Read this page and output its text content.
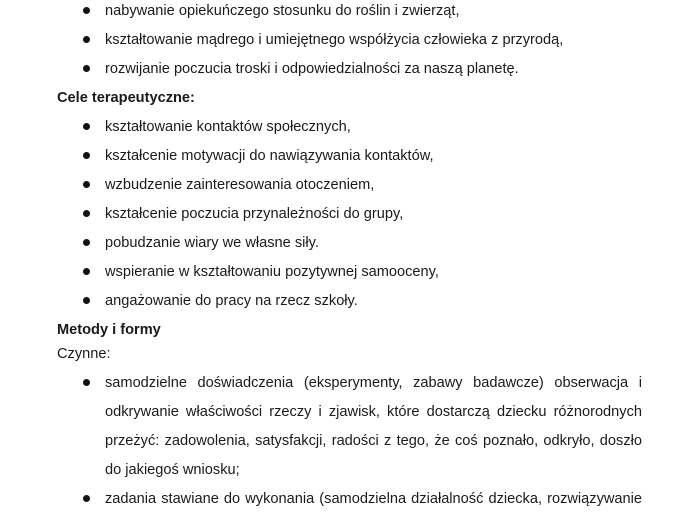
nabywanie opiekuńczego stosunku do roślin i zwierząt,
kształtowanie mądrego i umiejętnego współżycia człowieka z przyrodą,
rozwijanie poczucia troski i odpowiedzialności za naszą planetę.
Cele terapeutyczne:
kształtowanie kontaktów społecznych,
kształcenie motywacji do nawiązywania kontaktów,
wzbudzenie zainteresowania otoczeniem,
kształcenie poczucia przynależności do grupy,
pobudzanie wiary we własne siły.
wspieranie w kształtowaniu pozytywnej samooceny,
angażowanie do pracy na rzecz szkoły.
Metody i formy
Czynne:
samodzielne doświadczenia (eksperymenty, zabawy badawcze) obserwacja i
odkrywanie właściwości rzeczy i zjawisk, które dostarczą dziecku różnorodnych
przeżyć: zadowolenia, satysfakcji, radości z tego, że coś poznało, odkryło, doszło
do jakiegoś wniosku;
zadania stawiane do wykonania (samodzielna działalność dziecka, rozwiązywanie
